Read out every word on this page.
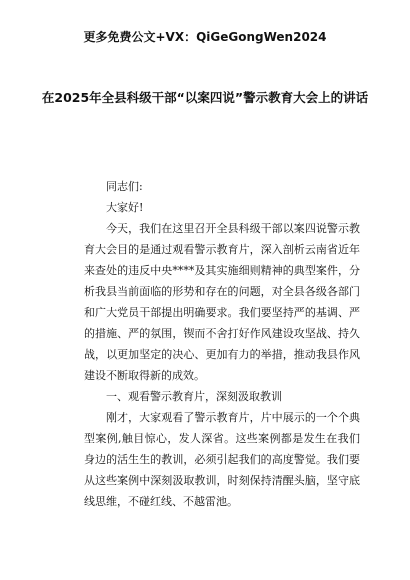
更多免费公文+VX：QiGeGongWen2024
在2025年全县科级干部“以案四说”警示教育大会上的讲话

同志们:

大家好!

今天，我们在这里召开全县科级干部以案四说警示教育大会目的是通过观看警示教育片，深入剖析云南省近年来查处的违反中央****及其实施细则精神的典型案件，分析我县当前面临的形势和存在的问题，对全县各级各部门和广大党员干部提出明确要求。我们要坚持严的基调、严的措施、严的氛围，锲而不舍打好作风建设攻坚战、持久战，以更加坚定的决心、更加有力的举措，推动我县作风建设不断取得新的成效。

一、观看警示教育片，深刻汲取教训

刚才，大家观看了警示教育片，片中展示的一个个典型案例,触目惊心，发人深省。这些案例都是发生在我们身边的活生生的教训，必须引起我们的高度警觉。我们要从这些案例中深刻汲取教训，时刻保持清醒头脑，坚守底线思维，不碰红线、不越雷池。
